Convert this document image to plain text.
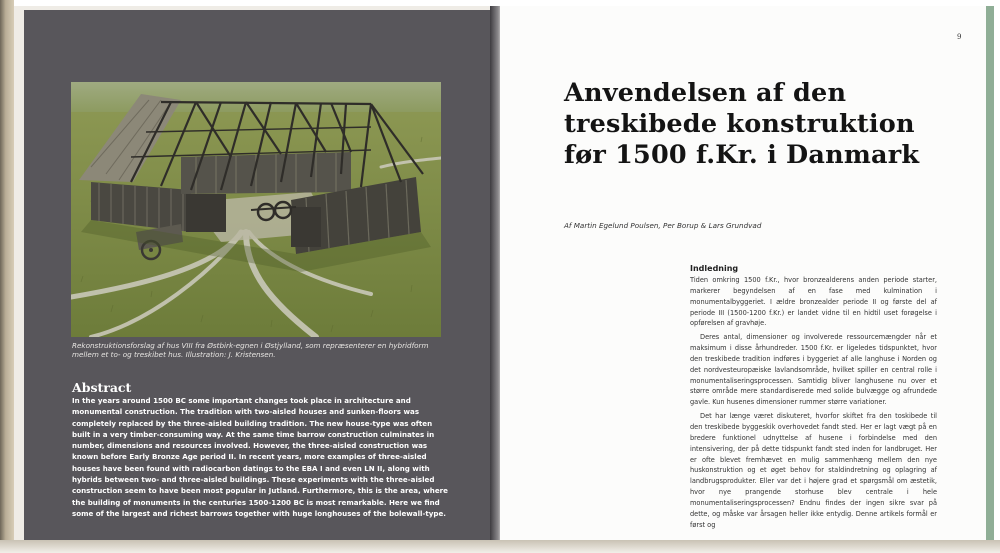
Rekonstruktionsforslag af hus VIII fra Østbirk-egnen i Østjylland, som repræsenterer en hybridform mellem et to- og treskibet hus. Illustration: J. Kristensen.
Abstract

In the years around 1500 BC some important changes took place in architecture and monumental construction. The tradition with two-aisled houses and sunken-floors was completely replaced by the three-aisled building tradition. The new house-type was often built in a very timber-consuming way. At the same time barrow construction culminates in number, dimensions and resources involved. However, the three-aisled construction was known before Early Bronze Age period II. In recent years, more examples of three-aisled houses have been found with radiocarbon datings to the EBA I and even LN II, along with hybrids between two- and three-aisled buildings. These experiments with the three-aisled construction seem to have been most popular in Jutland. Furthermore, this is the area, where the building of monuments in the centuries 1500-1200 BC is most remarkable. Here we find some of the largest and richest barrows together with huge longhouses of the bolewall-type.

9
Anvendelsen af den
treskibede konstruktion
før 1500 f.Kr. i Danmark
Af Martin Egelund Poulsen, Per Borup & Lars Grundvad
Indledning

Tiden omkring 1500 f.Kr., hvor bronzealderens anden periode starter, markerer begyndelsen af en fase med kulmination i monumentalbyggeriet. I ældre bronzealder periode II og første del af periode III (1500-1200 f.Kr.) er landet vidne til en hidtil uset forøgelse i opførelsen af gravhøje.

Deres antal, dimensioner og involverede ressourcemængder når et maksimum i disse århundreder. 1500 f.Kr. er ligeledes tidspunktet, hvor den treskibede tradition indføres i byggeriet af alle langhuse i Norden og det nordvesteuropæiske lavlandsområde, hvilket spiller en central rolle i monumentaliseringsprocessen. Samtidig bliver langhusene nu over et større område mere standardiserede med solide bulvægge og afrundede gavle. Kun husenes dimensioner rummer større variationer.

Det har længe været diskuteret, hvorfor skiftet fra den toskibede til den treskibede byggeskik overhovedet fandt sted. Her er lagt vægt på en bredere funktionel udnyttelse af husene i forbindelse med den intensivering, der på dette tidspunkt fandt sted inden for landbruget. Her er ofte blevet fremhævet en mulig sammenhæng mellem den nye huskonstruktion og et øget behov for staldindretning og oplagring af landbrugsprodukter. Eller var det i højere grad et spørgsmål om æstetik, hvor nye prangende storhuse blev centrale i hele monumentaliseringsprocessen? Endnu findes der ingen sikre svar på dette, og måske var årsagen heller ikke entydig. Denne artikels formål er først og
